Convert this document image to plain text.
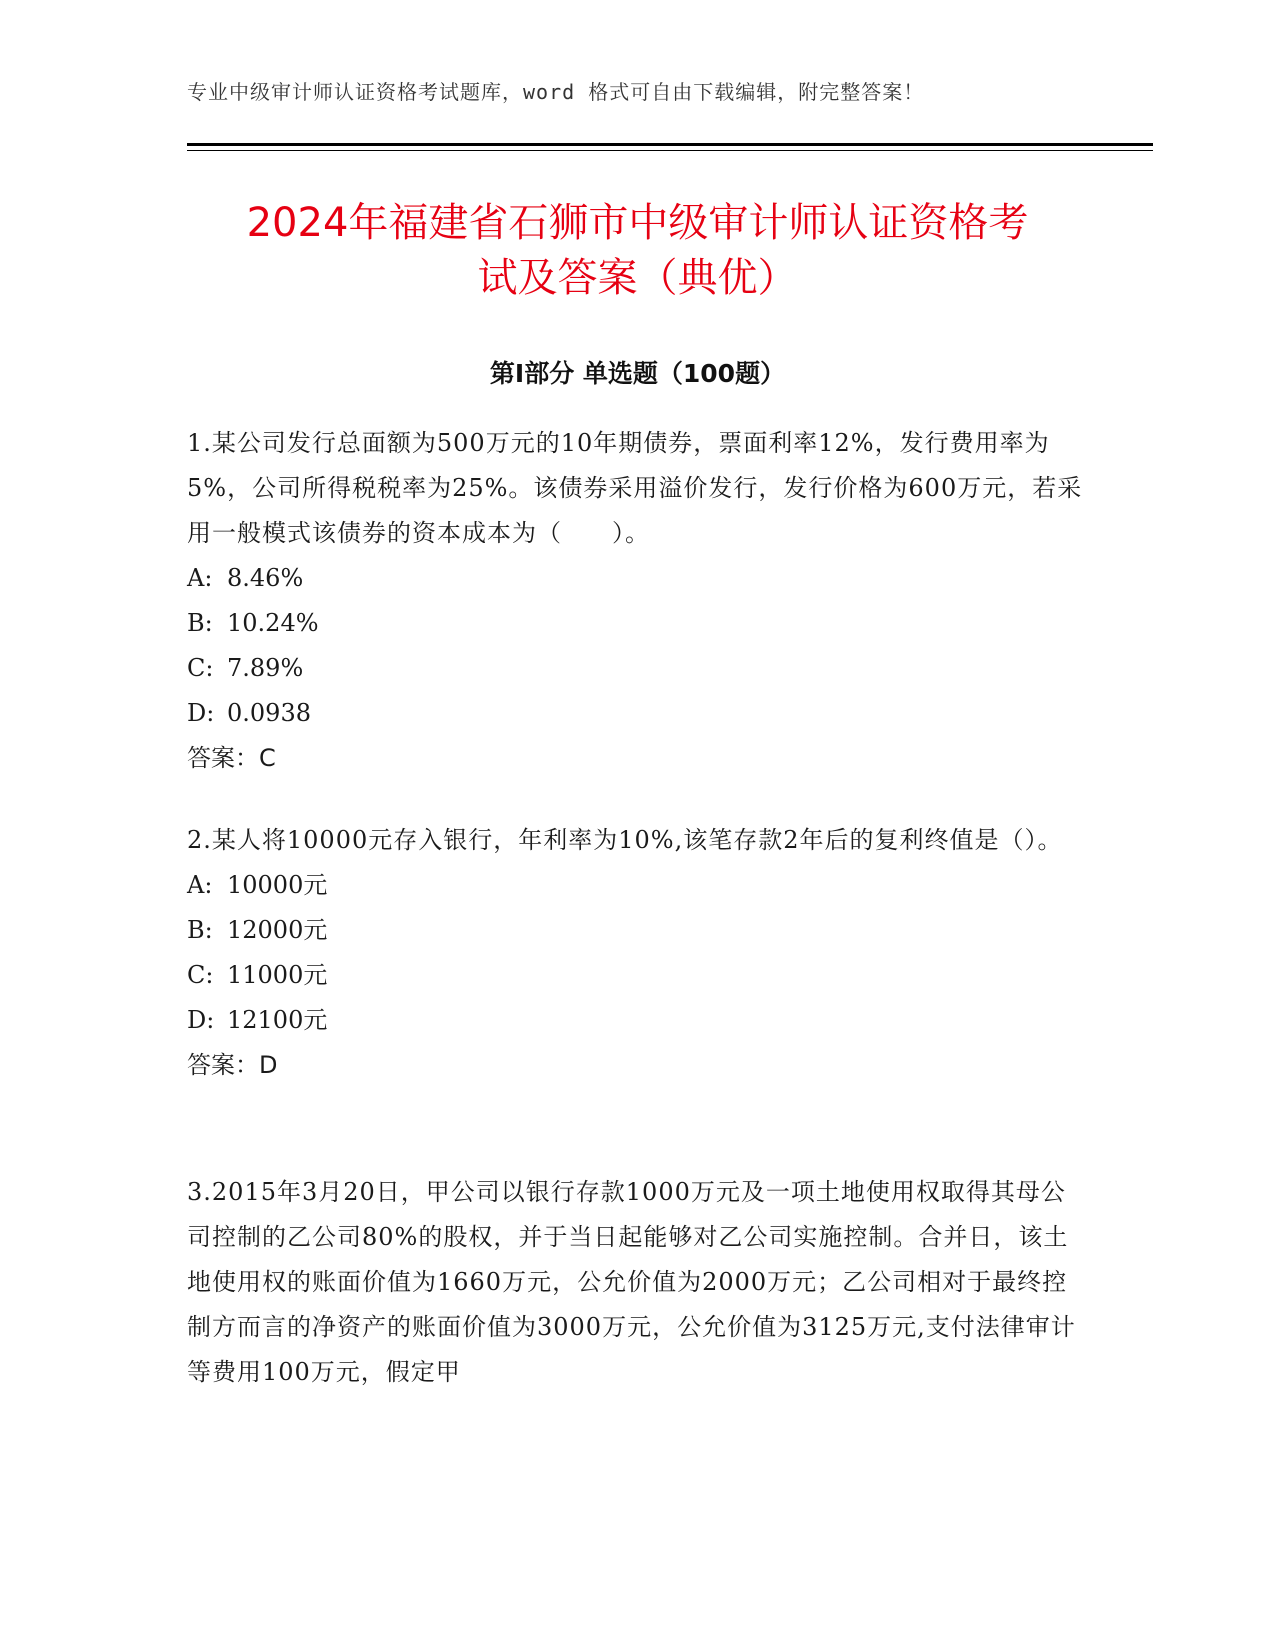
专业中级审计师认证资格考试题库，word 格式可自由下载编辑，附完整答案！
2024年福建省石狮市中级审计师认证资格考
试及答案（典优）
第Ⅰ部分 单选题（100题）

1.某公司发行总面额为500万元的10年期债券，票面利率12%，发行费用率为5%，公司所得税税率为25%。该债券采用溢价发行，发行价格为600万元，若采用一般模式该债券的资本成本为（　　）。

A: 8.46%

B: 10.24%

C: 7.89%

D: 0.0938

答案：C

2.某人将10000元存入银行，年利率为10%,该笔存款2年后的复利终值是（）。

A: 10000元

B: 12000元

C: 11000元

D: 12100元

答案：D

3.2015年3月20日，甲公司以银行存款1000万元及一项土地使用权取得其母公司控制的乙公司80%的股权，并于当日起能够对乙公司实施控制。合并日，该土地使用权的账面价值为1660万元，公允价值为2000万元；乙公司相对于最终控制方而言的净资产的账面价值为3000万元，公允价值为3125万元,支付法律审计等费用100万元，假定甲
